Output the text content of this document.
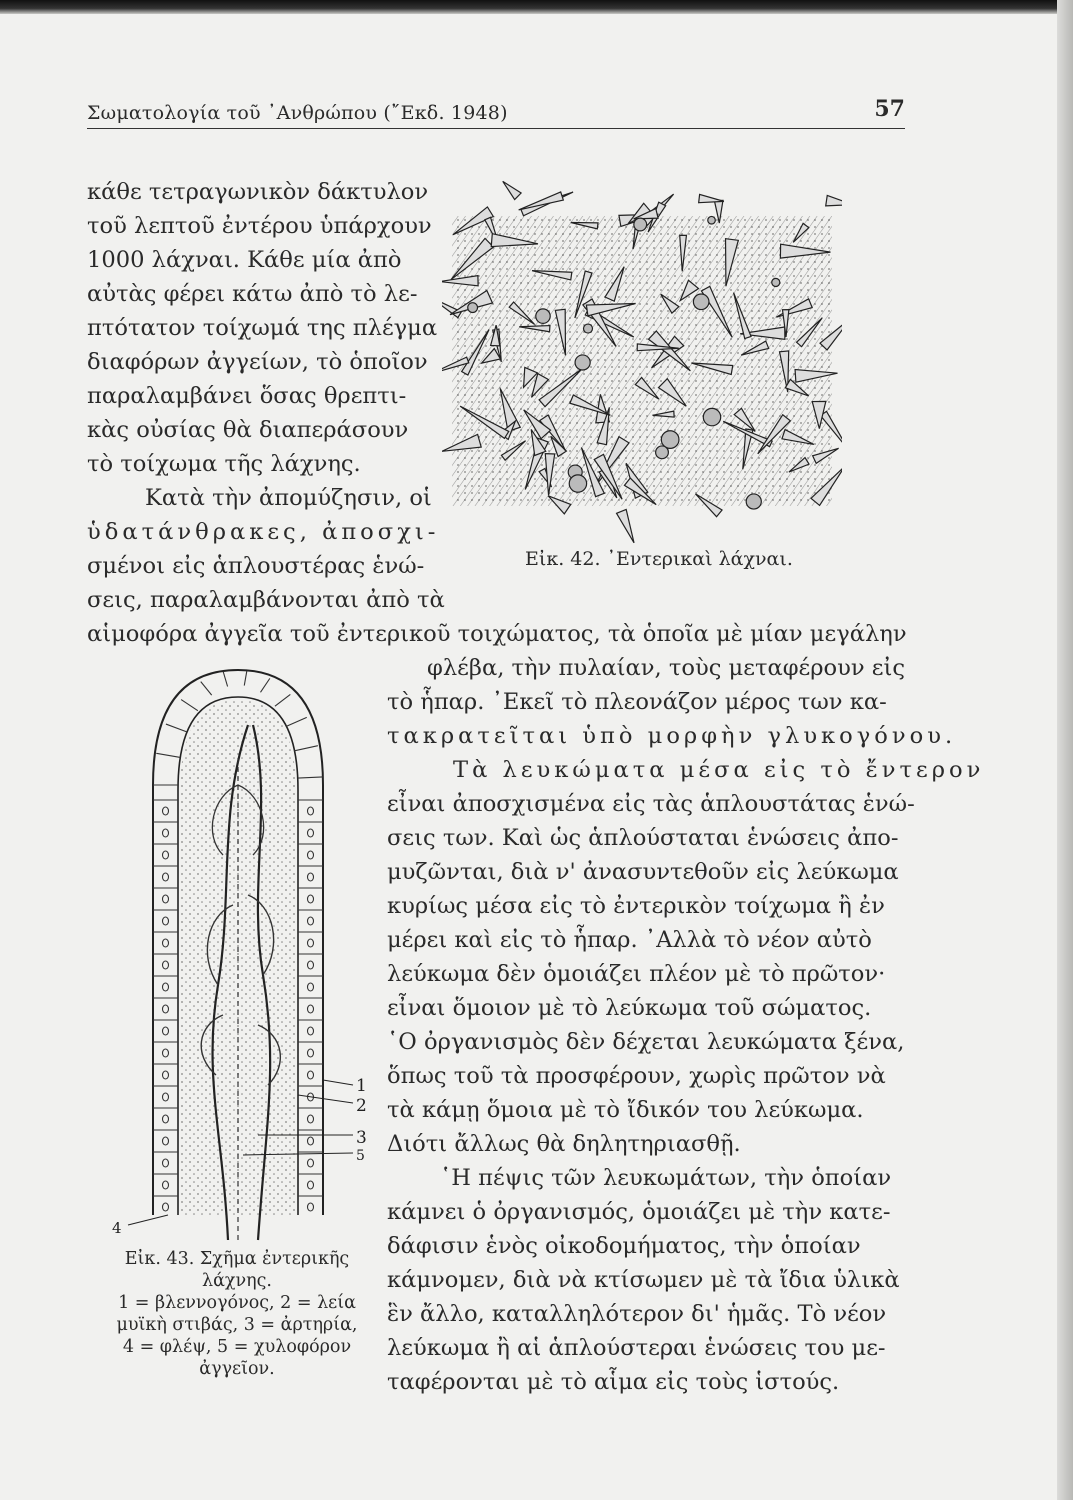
Σωματολογία τοῦ ᾿Ανθρώπου (῎Εκδ. 1948)	57
κάθε τετραγωνικὸν δάκτυλον
τοῦ λεπτοῦ ἐντέρου ὑπάρχουν
1000 λάχναι. Κάθε μία ἀπὸ
αὐτὰς φέρει κάτω ἀπὸ τὸ λε-
πτότατον τοίχωμά της πλέγμα
διαφόρων ἀγγείων, τὸ ὁποῖον
παραλαμβάνει ὅσας θρεπτι-
κὰς οὐσίας θὰ διαπεράσουν
τὸ τοίχωμα τῆς λάχνης.
Κατὰ τὴν ἀπομύζησιν, οἱ
ὑδατάνθρακες, ἀποσχι-
σμένοι εἰς ἁπλουστέρας ἑνώ-
σεις, παραλαμβάνονται ἀπὸ τὰ
αἱμοφόρα ἀγγεῖα τοῦ ἐντερικοῦ τοιχώματος, τὰ ὁποῖα μὲ μίαν μεγάλην
φλέβα, τὴν πυλαίαν, τοὺς μεταφέρουν εἰς
τὸ ἧπαρ. ᾿Εκεῖ τὸ πλεονάζον μέρος των κα-
τακρατεῖται ὑπὸ μορφὴν γλυκογόνου.
Τὰ λευκώματα μέσα εἰς τὸ ἔντερον
εἶναι ἀποσχισμένα εἰς τὰς ἁπλουστάτας ἑνώ-
σεις των. Καὶ ὡς ἁπλούσταται ἑνώσεις ἀπο-
μυζῶνται, διὰ ν' ἀνασυντεθοῦν εἰς λεύκωμα
κυρίως μέσα εἰς τὸ ἐντερικὸν τοίχωμα ἢ ἐν
μέρει καὶ εἰς τὸ ἧπαρ. ᾿Αλλὰ τὸ νέον αὐτὸ
λεύκωμα δὲν ὁμοιάζει πλέον μὲ τὸ πρῶτον·
εἶναι ὅμοιον μὲ τὸ λεύκωμα τοῦ σώματος.
῾Ο ὀργανισμὸς δὲν δέχεται λευκώματα ξένα,
ὅπως τοῦ τὰ προσφέρουν, χωρὶς πρῶτον νὰ
τὰ κάμῃ ὅμοια μὲ τὸ ἴδικόν του λεύκωμα.
Διότι ἄλλως θὰ δηλητηριασθῇ.
῾Η πέψις τῶν λευκωμάτων, τὴν ὁποίαν
κάμνει ὁ ὀργανισμός, ὁμοιάζει μὲ τὴν κατε-
δάφισιν ἑνὸς οἰκοδομήματος, τὴν ὁποίαν
κάμνομεν, διὰ νὰ κτίσωμεν μὲ τὰ ἴδια ὑλικὰ
ἓν ἄλλο, καταλληλότερον δι' ἡμᾶς. Τὸ νέον
λεύκωμα ἢ αἱ ἁπλούστεραι ἑνώσεις του με-
ταφέρονται μὲ τὸ αἷμα εἰς τοὺς ἱστούς.
Εἰκ. 42. ᾿Εντερικαὶ λάχναι.
1
2
3
5
4
Εἰκ. 43. Σχῆμα ἐντερικῆς
λάχνης.
1 = βλεννογόνος, 2 = λεία
μυϊκὴ στιβάς, 3 = ἀρτηρία,
4 = φλέψ, 5 = χυλοφόρον
ἀγγεῖον.
